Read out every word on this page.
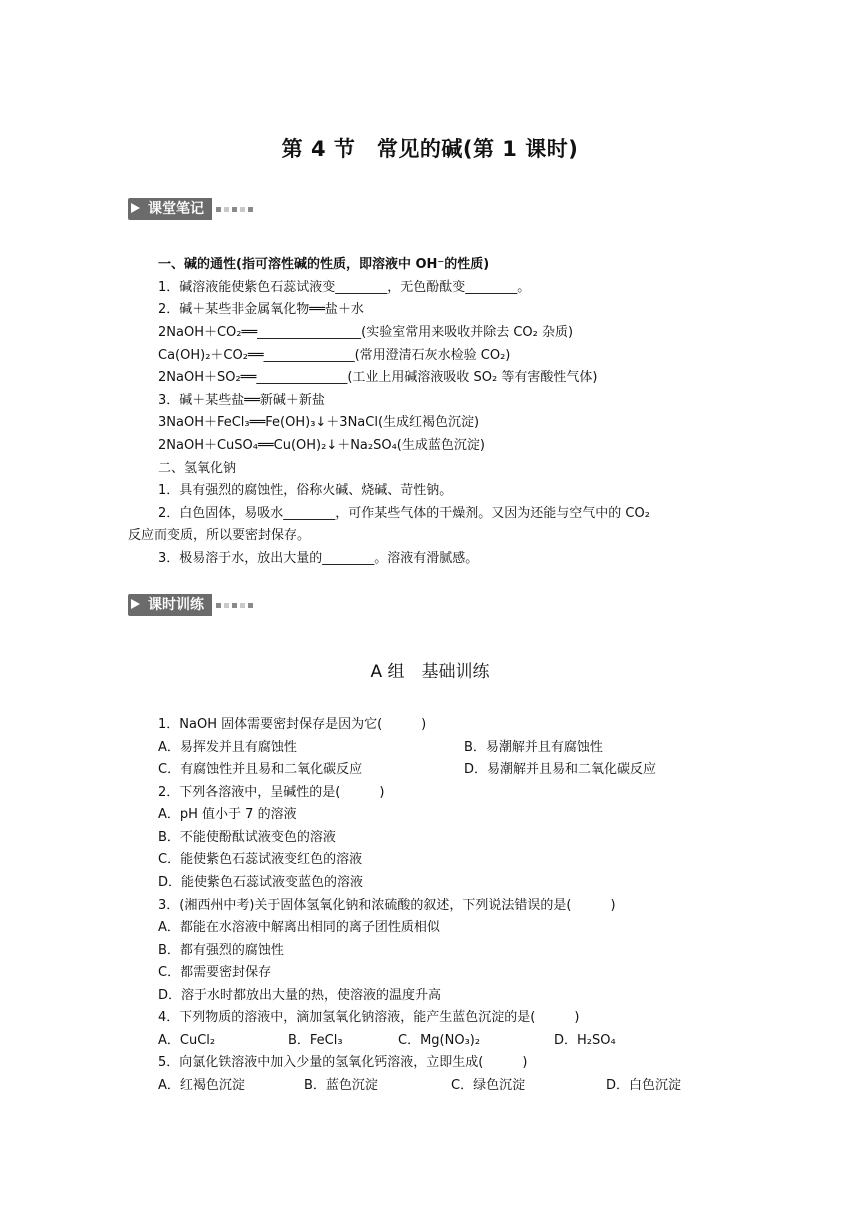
第 4 节　常见的碱(第 1 课时)
课堂笔记
一、碱的通性(指可溶性碱的性质，即溶液中 OH⁻的性质)
1．碱溶液能使紫色石蕊试液变________，无色酚酞变________。
2．碱＋某些非金属氧化物══盐＋水
2NaOH＋CO₂══________________(实验室常用来吸收并除去 CO₂ 杂质)
Ca(OH)₂＋CO₂══______________(常用澄清石灰水检验 CO₂)
2NaOH＋SO₂══______________(工业上用碱溶液吸收 SO₂ 等有害酸性气体)
3．碱＋某些盐══新碱＋新盐
3NaOH＋FeCl₃══Fe(OH)₃↓＋3NaCl(生成红褐色沉淀)
2NaOH＋CuSO₄══Cu(OH)₂↓＋Na₂SO₄(生成蓝色沉淀)
二、氢氧化钠
1．具有强烈的腐蚀性，俗称火碱、烧碱、苛性钠。
2．白色固体，易吸水________，可作某些气体的干燥剂。又因为还能与空气中的 CO₂
反应而变质，所以要密封保存。
3．极易溶于水，放出大量的________。溶液有滑腻感。
课时训练
A 组　基础训练
1．NaOH 固体需要密封保存是因为它(　　　)
A．易挥发并且有腐蚀性	B．易潮解并且有腐蚀性
C．有腐蚀性并且易和二氧化碳反应	D．易潮解并且易和二氧化碳反应
2．下列各溶液中，呈碱性的是(　　　)
A．pH 值小于 7 的溶液
B．不能使酚酞试液变色的溶液
C．能使紫色石蕊试液变红色的溶液
D．能使紫色石蕊试液变蓝色的溶液
3．(湘西州中考)关于固体氢氧化钠和浓硫酸的叙述，下列说法错误的是(　　　)
A．都能在水溶液中解离出相同的离子团性质相似
B．都有强烈的腐蚀性
C．都需要密封保存
D．溶于水时都放出大量的热，使溶液的温度升高
4．下列物质的溶液中，滴加氢氧化钠溶液，能产生蓝色沉淀的是(　　　)
A．CuCl₂	B．FeCl₃	C．Mg(NO₃)₂	D．H₂SO₄
5．向氯化铁溶液中加入少量的氢氧化钙溶液，立即生成(　　　)
A．红褐色沉淀	B．蓝色沉淀	C．绿色沉淀	D．白色沉淀
